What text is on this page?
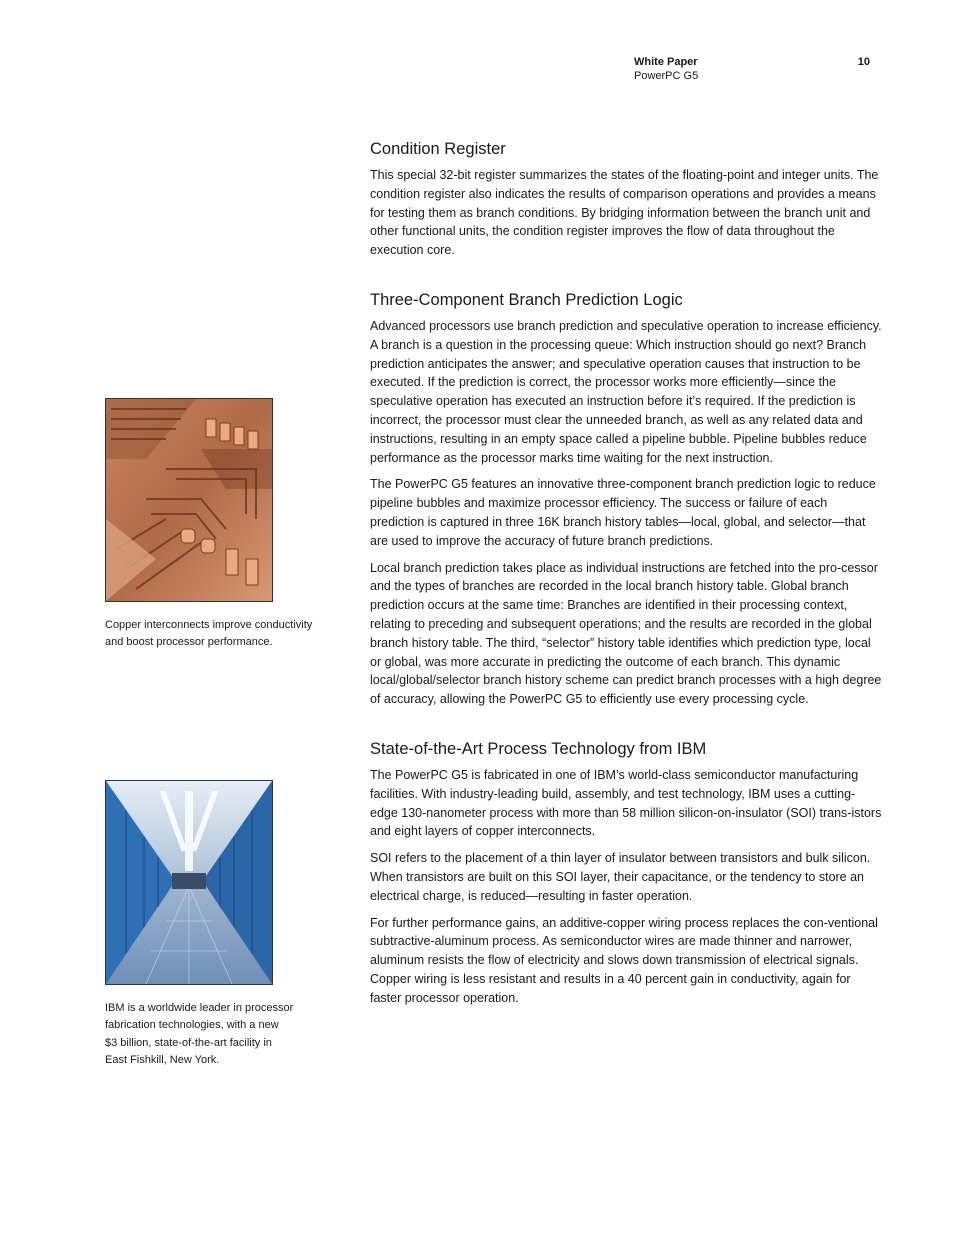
White Paper
PowerPC G5
10
Copper interconnects improve conductivity
and boost processor performance.
IBM is a worldwide leader in processor
fabrication technologies, with a new
$3 billion, state-of-the-art facility in
East Fishkill, New York.
Condition Register

This special 32-bit register summarizes the states of the floating-point and integer units. The condition register also indicates the results of comparison operations and provides a means for testing them as branch conditions. By bridging information between the branch unit and other functional units, the condition register improves the flow of data throughout the execution core.

Three-Component Branch Prediction Logic

Advanced processors use branch prediction and speculative operation to increase efficiency. A branch is a question in the processing queue: Which instruction should go next? Branch prediction anticipates the answer; and speculative operation causes that instruction to be executed. If the prediction is correct, the processor works more efficiently—since the speculative operation has executed an instruction before it’s required. If the prediction is incorrect, the processor must clear the unneeded branch, as well as any related data and instructions, resulting in an empty space called a pipeline bubble. Pipeline bubbles reduce performance as the processor marks time waiting for the next instruction.

The PowerPC G5 features an innovative three-component branch prediction logic to reduce pipeline bubbles and maximize processor efficiency. The success or failure of each prediction is captured in three 16K branch history tables—local, global, and selector—that are used to improve the accuracy of future branch predictions.

Local branch prediction takes place as individual instructions are fetched into the pro-cessor and the types of branches are recorded in the local branch history table. Global branch prediction occurs at the same time: Branches are identified in their processing context, relating to preceding and subsequent operations; and the results are recorded in the global branch history table. The third, “selector” history table identifies which prediction type, local or global, was more accurate in predicting the outcome of each branch. This dynamic local/global/selector branch history scheme can predict branch processes with a high degree of accuracy, allowing the PowerPC G5 to efficiently use every processing cycle.

State-of-the-Art Process Technology from IBM

The PowerPC G5 is fabricated in one of IBM’s world-class semiconductor manufacturing facilities. With industry-leading build, assembly, and test technology, IBM uses a cutting-edge 130-nanometer process with more than 58 million silicon-on-insulator (SOI) trans-istors and eight layers of copper interconnects.

SOI refers to the placement of a thin layer of insulator between transistors and bulk silicon. When transistors are built on this SOI layer, their capacitance, or the tendency to store an electrical charge, is reduced—resulting in faster operation.

For further performance gains, an additive-copper wiring process replaces the con-ventional subtractive-aluminum process. As semiconductor wires are made thinner and narrower, aluminum resists the flow of electricity and slows down transmission of electrical signals. Copper wiring is less resistant and results in a 40 percent gain in conductivity, again for faster processor operation.
